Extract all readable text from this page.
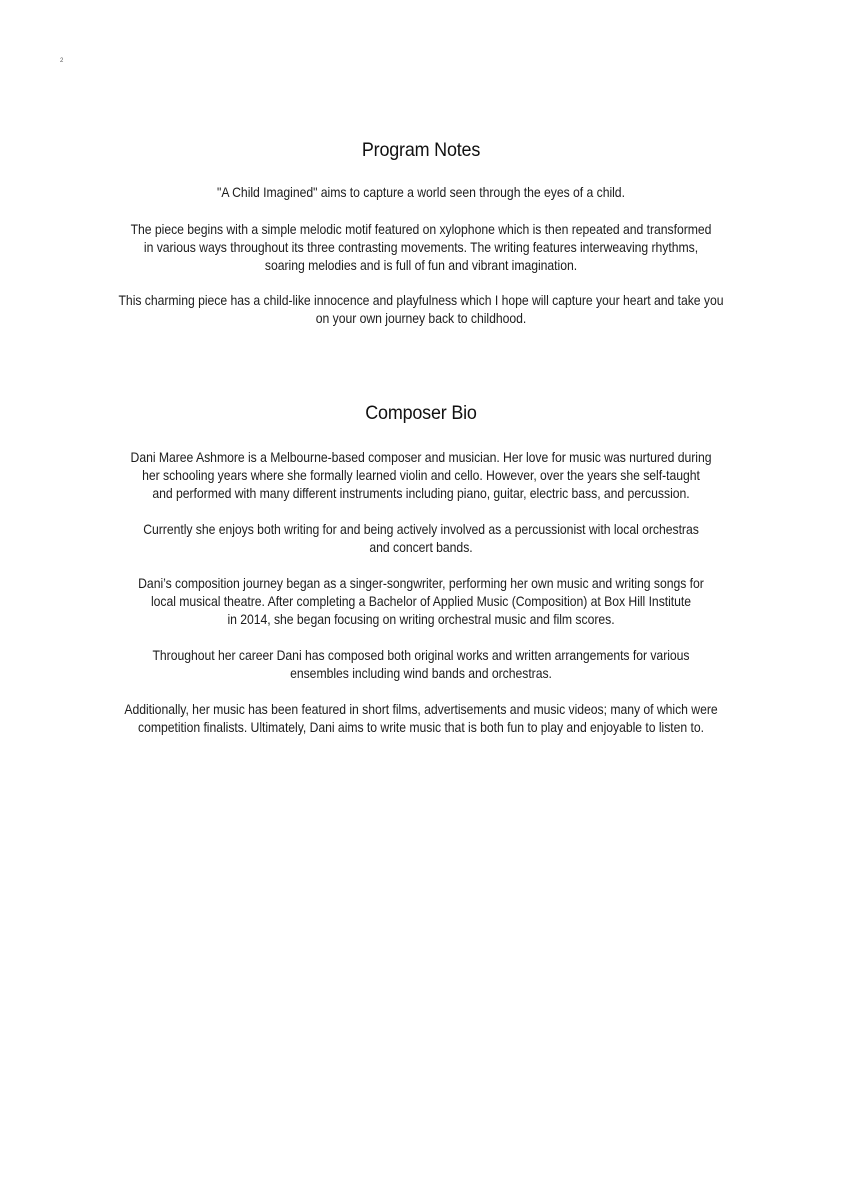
2
Program Notes
"A Child Imagined" aims to capture a world seen through the eyes of a child.
The piece begins with a simple melodic motif featured on xylophone which is then repeated and transformed
in various ways throughout its three contrasting movements. The writing features interweaving rhythms,
soaring melodies and is full of fun and vibrant imagination.
This charming piece has a child-like innocence and playfulness which I hope will capture your heart and take you
on your own journey back to childhood.
Composer Bio
Dani Maree Ashmore is a Melbourne-based composer and musician. Her love for music was nurtured during
her schooling years where she formally learned violin and cello. However, over the years she self-taught
and performed with many different instruments including piano, guitar, electric bass, and percussion.
Currently she enjoys both writing for and being actively involved as a percussionist with local orchestras
and concert bands.
Dani’s composition journey began as a singer-songwriter, performing her own music and writing songs for
local musical theatre. After completing a Bachelor of Applied Music (Composition) at Box Hill Institute
in 2014, she began focusing on writing orchestral music and film scores.
Throughout her career Dani has composed both original works and written arrangements for various
ensembles including wind bands and orchestras.
Additionally, her music has been featured in short films, advertisements and music videos; many of which were
competition finalists. Ultimately, Dani aims to write music that is both fun to play and enjoyable to listen to.
